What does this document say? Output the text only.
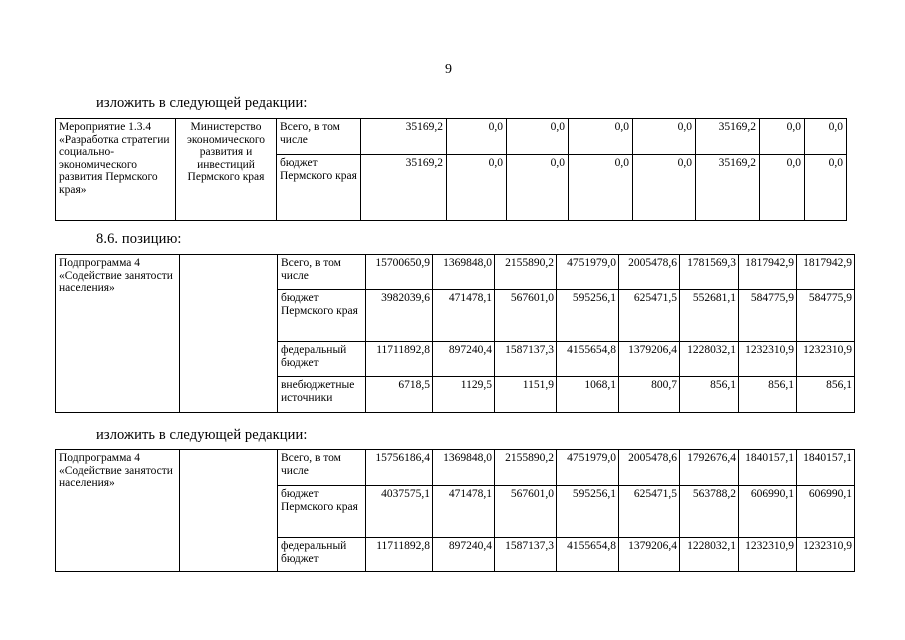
9
изложить в следующей редакции:
Мероприятие 1.3.4 «Разработка стратегии социально-экономического развития Пермского края»	Министерство экономического развития и инвестиций Пермского края	Всего, в том числе	35169,2	0,0	0,0	0,0	0,0	35169,2	0,0	0,0
		бюджет Пермского края	35169,2	0,0	0,0	0,0	0,0	35169,2	0,0	0,0
8.6. позицию:
Подпрограмма 4 «Содействие занятости населения»		Всего, в том числе	15700650,9	1369848,0	2155890,2	4751979,0	2005478,6	1781569,3	1817942,9	1817942,9
		бюджет Пермского края	3982039,6	471478,1	567601,0	595256,1	625471,5	552681,1	584775,9	584775,9
		федеральный бюджет	11711892,8	897240,4	1587137,3	4155654,8	1379206,4	1228032,1	1232310,9	1232310,9
		внебюджетные источники	6718,5	1129,5	1151,9	1068,1	800,7	856,1	856,1	856,1
изложить в следующей редакции:
Подпрограмма 4 «Содействие занятости населения»		Всего, в том числе	15756186,4	1369848,0	2155890,2	4751979,0	2005478,6	1792676,4	1840157,1	1840157,1
		бюджет Пермского края	4037575,1	471478,1	567601,0	595256,1	625471,5	563788,2	606990,1	606990,1
		федеральный бюджет	11711892,8	897240,4	1587137,3	4155654,8	1379206,4	1228032,1	1232310,9	1232310,9
